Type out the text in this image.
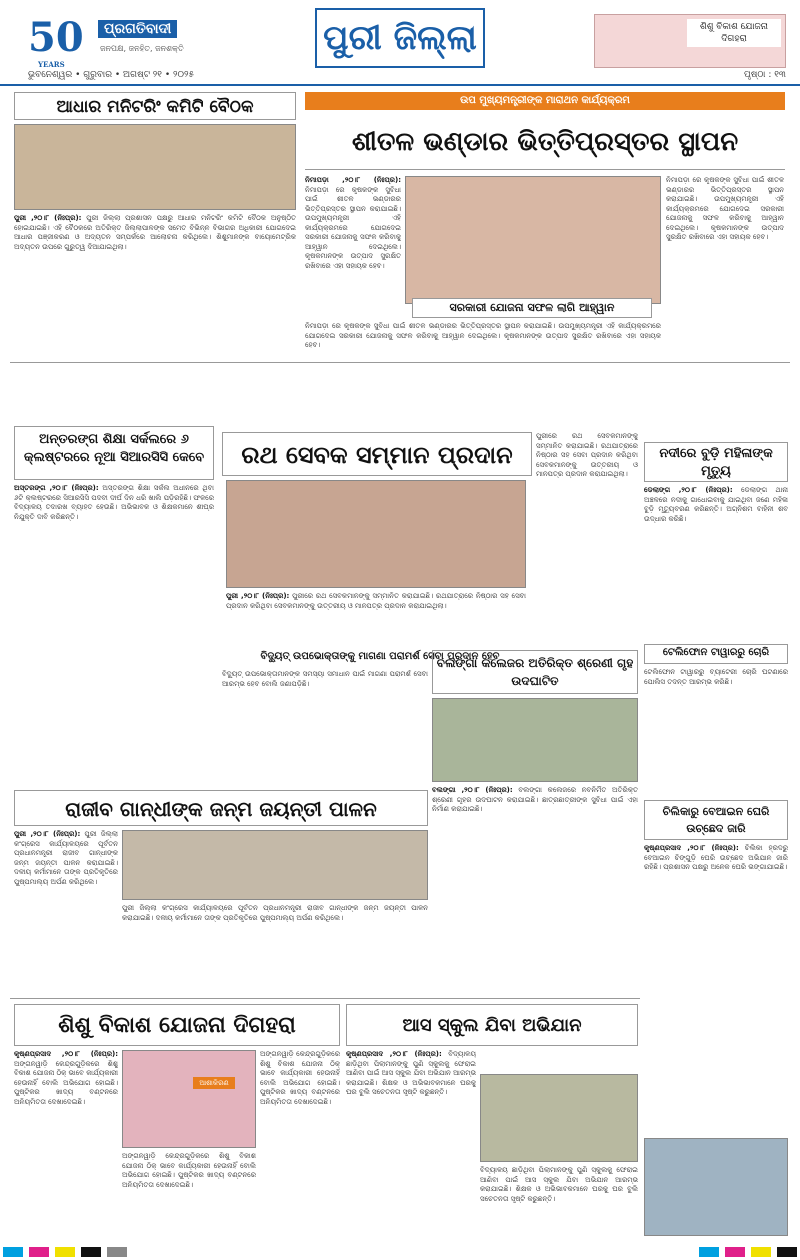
50
YEARS
ପ୍ରଗତିବାଦୀ
ଜନପକ୍ଷ, ଜନହିତ, ଜନଶକ୍ତି
ଭୁବନେଶ୍ୱର • ଗୁରୁବାର • ଅଗଷ୍ଟ ୨୧ • ୨୦୨୫
ପୁରୀ ଜିଲ୍ଲା	ଶିଶୁ ବିକାଶ ଯୋଜନା ଦିଗହରା
ପୃଷ୍ଠା : ୧୩
ଆଧାର ମନିଟରିଂ କମିଟି ବୈଠକ
ପୁରୀ ,୨୦।୮ (ନିଃପ୍ର): ପୁରୀ ଜିଲ୍ଲା ପ୍ରଶାସନ ପକ୍ଷରୁ ଆଧାର ମନିଟରିଂ କମିଟି ବୈଠକ ଅନୁଷ୍ଠିତ ହୋଇଯାଇଛି। ଏହି ବୈଠକରେ ଅତିରିକ୍ତ ଜିଲ୍ଲାପାଳଙ୍କ ସମେତ ବିଭିନ୍ନ ବିଭାଗର ଅଧିକାରୀ ଯୋଗଦେଇ ଆଧାର ପଞ୍ଜୀକରଣ ଓ ଅଦ୍ୟତନ ସମ୍ପର୍କରେ ଆଲୋଚନା କରିଥିଲେ। ଶିଶୁମାନଙ୍କ ବାୟୋମେଟ୍ରିକ ଅଦ୍ୟତନ ଉପରେ ଗୁରୁତ୍ୱ ଦିଆଯାଇଥିଲା।
ଉପ ମୁଖ୍ୟମନ୍ତ୍ରୀଙ୍କ ମାରାଥନ କାର୍ଯ୍ୟକ୍ରମ
ଶୀତଳ ଭଣ୍ଡାର ଭିତ୍ତିପ୍ରସ୍ତର ସ୍ଥାପନ
ନିମାପଡ଼ା ,୨୦।୮ (ନିଃପ୍ର): ନିମାପଡ଼ା ରେ କୃଷକଙ୍କ ସୁବିଧା ପାଇଁ ଶୀତଳ ଭଣ୍ଡାରର ଭିତ୍ତିପ୍ରସ୍ତର ସ୍ଥାପନ କରାଯାଇଛି। ଉପମୁଖ୍ୟମନ୍ତ୍ରୀ ଏହି କାର୍ଯ୍ୟକ୍ରମରେ ଯୋଗଦେଇ ସରକାରୀ ଯୋଜନାକୁ ସଫଳ କରିବାକୁ ଆହ୍ୱାନ ଦେଇଥିଲେ। କୃଷକମାନଙ୍କ ଉତ୍ପାଦ ସୁରକ୍ଷିତ ରଖିବାରେ ଏହା ସହାୟକ ହେବ।
ସରକାରୀ ଯୋଜନା ସଫଳ ଲାଗି ଆହ୍ୱାନ
ନିମାପଡ଼ା ରେ କୃଷକଙ୍କ ସୁବିଧା ପାଇଁ ଶୀତଳ ଭଣ୍ଡାରର ଭିତ୍ତିପ୍ରସ୍ତର ସ୍ଥାପନ କରାଯାଇଛି। ଉପମୁଖ୍ୟମନ୍ତ୍ରୀ ଏହି କାର୍ଯ୍ୟକ୍ରମରେ ଯୋଗଦେଇ ସରକାରୀ ଯୋଜନାକୁ ସଫଳ କରିବାକୁ ଆହ୍ୱାନ ଦେଇଥିଲେ। କୃଷକମାନଙ୍କ ଉତ୍ପାଦ ସୁରକ୍ଷିତ ରଖିବାରେ ଏହା ସହାୟକ ହେବ।
ନିମାପଡ଼ା ରେ କୃଷକଙ୍କ ସୁବିଧା ପାଇଁ ଶୀତଳ ଭଣ୍ଡାରର ଭିତ୍ତିପ୍ରସ୍ତର ସ୍ଥାପନ କରାଯାଇଛି। ଉପମୁଖ୍ୟମନ୍ତ୍ରୀ ଏହି କାର୍ଯ୍ୟକ୍ରମରେ ଯୋଗଦେଇ ସରକାରୀ ଯୋଜନାକୁ ସଫଳ କରିବାକୁ ଆହ୍ୱାନ ଦେଇଥିଲେ। କୃଷକମାନଙ୍କ ଉତ୍ପାଦ ସୁରକ୍ଷିତ ରଖିବାରେ ଏହା ସହାୟକ ହେବ।
ଅନ୍ତରଙ୍ଗ ଶିକ୍ଷା ସର୍କଲରେ ୬ କ୍ଲଷ୍ଟରରେ ନୂଆ ସିଆରସିସି କେବେ
ଅସ୍ତରଙ୍ଗ ,୨୦।୮ (ନିଃପ୍ର): ଅସ୍ତରଙ୍ଗ ଶିକ୍ଷା ସର୍କଲ ଅଧୀନରେ ଥିବା ୬ଟି କ୍ଲଷ୍ଟରରେ ସିଆରସିସି ପଦବୀ ଦୀର୍ଘ ଦିନ ଧରି ଖାଲି ପଡ଼ିରହିଛି। ଫଳରେ ବିଦ୍ୟାଳୟ ତଦାରଖ ବ୍ୟାହତ ହେଉଛି। ଅଭିଭାବକ ଓ ଶିକ୍ଷକମାନେ ଶୀଘ୍ର ନିଯୁକ୍ତି ଦାବି କରିଛନ୍ତି।
ରଥ ସେବକ ସମ୍ମାନ ପ୍ରଦାନ
ପୁରୀ ,୨୦।୮ (ନିଃପ୍ର): ପୁରୀରେ ରଥ ସେବକମାନଙ୍କୁ ସମ୍ମାନିତ କରାଯାଇଛି। ରଥଯାତ୍ରାରେ ନିଷ୍ଠାର ସହ ସେବା ପ୍ରଦାନ କରିଥିବା ସେବକମାନଙ୍କୁ ଉତ୍ତରୀୟ ଓ ମାନପତ୍ର ପ୍ରଦାନ କରାଯାଇଥିଲା।
ପୁରୀରେ ରଥ ସେବକମାନଙ୍କୁ ସମ୍ମାନିତ କରାଯାଇଛି। ରଥଯାତ୍ରାରେ ନିଷ୍ଠାର ସହ ସେବା ପ୍ରଦାନ କରିଥିବା ସେବକମାନଙ୍କୁ ଉତ୍ତରୀୟ ଓ ମାନପତ୍ର ପ୍ରଦାନ କରାଯାଇଥିଲା।
ନଦୀରେ ବୁଡ଼ି ମହିଳାଙ୍କ ମୃତ୍ୟୁ
ଡେଲାଙ୍ଗ ,୨୦।୮ (ନିଃପ୍ର): ଡେଲାଙ୍ଗ ଥାନା ଅଞ୍ଚଳରେ ନଦୀକୁ ଗାଧୋଇବାକୁ ଯାଇଥିବା ଜଣେ ମହିଳା ବୁଡ଼ି ମୃତ୍ୟୁବରଣ କରିଛନ୍ତି। ଅଗ୍ନିଶମ ବାହିନୀ ଶବ ଉଦ୍ଧାର କରିଛି।
ଟେଲିଫୋନ ଟାୱାରରୁ ଚୋରି
ଟେଲିଫୋନ ଟାୱାରରୁ ବ୍ୟାଟେରୀ ଚୋରି ଘଟଣାରେ ପୋଲିସ ତଦନ୍ତ ଆରମ୍ଭ କରିଛି।
ବିଦ୍ୟୁତ୍ ଉପଭୋକ୍ତାଙ୍କୁ ମାଗଣା ପରାମର୍ଶ ସେବା ପ୍ରଦାନ ହେବ
ବିଦ୍ୟୁତ୍ ଉପଭୋକ୍ତାମାନଙ୍କ ସମସ୍ୟା ସମାଧାନ ପାଇଁ ମାଗଣା ପରାମର୍ଶ ସେବା ଆରମ୍ଭ ହେବ ବୋଲି ଜଣାପଡ଼ିଛି।
ବଲଙ୍ଗା କଲେଜର ଅତିରିକ୍ତ ଶ୍ରେଣୀ ଗୃହ ଉଦଘାଟିତ
ବଲଙ୍ଗା ,୨୦।୮ (ନିଃପ୍ର): ବଲଙ୍ଗା କଲେଜରେ ନବନିର୍ମିତ ଅତିରିକ୍ତ ଶ୍ରେଣୀ ଗୃହର ଉଦଘାଟନ କରାଯାଇଛି। ଛାତ୍ରଛାତ୍ରୀଙ୍କ ସୁବିଧା ପାଇଁ ଏହା ନିର୍ମାଣ କରାଯାଇଛି।	ଚିଲିକାରୁ ବେଆଇନ ଘେରି ଉଚ୍ଛେଦ ଜାରି
କୃଷ୍ଣପ୍ରସାଦ ,୨୦।୮ (ନିଃପ୍ର): ଚିଲିକା ହ୍ରଦରୁ ବେଆଇନ ଚିଙ୍ଗୁଡ଼ି ଘେରି ଉଚ୍ଛେଦ ଅଭିଯାନ ଜାରି ରହିଛି। ପ୍ରଶାସନ ପକ୍ଷରୁ ଅନେକ ଘେରି ଭଙ୍ଗାଯାଇଛି।
ରାଜୀବ ଗାନ୍ଧୀଙ୍କ ଜନ୍ମ ଜୟନ୍ତୀ ପାଳନ
ପୁରୀ ,୨୦।୮ (ନିଃପ୍ର): ପୁରୀ ଜିଲ୍ଲା କଂଗ୍ରେସ କାର୍ଯ୍ୟାଳୟରେ ପୂର୍ବତନ ପ୍ରଧାନମନ୍ତ୍ରୀ ରାଜୀବ ଗାନ୍ଧୀଙ୍କ ଜନ୍ମ ଜୟନ୍ତୀ ପାଳନ କରାଯାଇଛି। ଦଳୀୟ କର୍ମୀମାନେ ତାଙ୍କ ପ୍ରତିକୃତିରେ ପୁଷ୍ପମାଲ୍ୟ ଅର୍ପଣ କରିଥିଲେ।
ପୁରୀ ଜିଲ୍ଲା କଂଗ୍ରେସ କାର୍ଯ୍ୟାଳୟରେ ପୂର୍ବତନ ପ୍ରଧାନମନ୍ତ୍ରୀ ରାଜୀବ ଗାନ୍ଧୀଙ୍କ ଜନ୍ମ ଜୟନ୍ତୀ ପାଳନ କରାଯାଇଛି। ଦଳୀୟ କର୍ମୀମାନେ ତାଙ୍କ ପ୍ରତିକୃତିରେ ପୁଷ୍ପମାଲ୍ୟ ଅର୍ପଣ କରିଥିଲେ।
ଶିଶୁ ବିକାଶ ଯୋଜନା ଦିଗହରା
କୃଷ୍ଣପ୍ରସାଦ ,୨୦।୮ (ନିଃପ୍ର): ଅଙ୍ଗନୱାଡ଼ି କେନ୍ଦ୍ରଗୁଡ଼ିକରେ ଶିଶୁ ବିକାଶ ଯୋଜନା ଠିକ୍ ଭାବେ କାର୍ଯ୍ୟକାରୀ ହେଉନାହିଁ ବୋଲି ଅଭିଯୋଗ ହୋଇଛି। ପୁଷ୍ଟିକର ଖାଦ୍ୟ ବଣ୍ଟନରେ ଅନିୟମିତତା ଦେଖାଦେଇଛି।
ଆଶାକିରଣ
ଅଙ୍ଗନୱାଡ଼ି କେନ୍ଦ୍ରଗୁଡ଼ିକରେ ଶିଶୁ ବିକାଶ ଯୋଜନା ଠିକ୍ ଭାବେ କାର୍ଯ୍ୟକାରୀ ହେଉନାହିଁ ବୋଲି ଅଭିଯୋଗ ହୋଇଛି। ପୁଷ୍ଟିକର ଖାଦ୍ୟ ବଣ୍ଟନରେ ଅନିୟମିତତା ଦେଖାଦେଇଛି।
ଅଙ୍ଗନୱାଡ଼ି କେନ୍ଦ୍ରଗୁଡ଼ିକରେ ଶିଶୁ ବିକାଶ ଯୋଜନା ଠିକ୍ ଭାବେ କାର୍ଯ୍ୟକାରୀ ହେଉନାହିଁ ବୋଲି ଅଭିଯୋଗ ହୋଇଛି। ପୁଷ୍ଟିକର ଖାଦ୍ୟ ବଣ୍ଟନରେ ଅନିୟମିତତା ଦେଖାଦେଇଛି।
ଆସ ସ୍କୁଲ ଯିବା ଅଭିଯାନ
କୃଷ୍ଣପ୍ରସାଦ ,୨୦।୮ (ନିଃପ୍ର): ବିଦ୍ୟାଳୟ ଛାଡ଼ିଥିବା ପିଲାମାନଙ୍କୁ ପୁଣି ସ୍କୁଲକୁ ଫେରାଇ ଆଣିବା ପାଇଁ ଆସ ସ୍କୁଲ ଯିବା ଅଭିଯାନ ଆରମ୍ଭ କରାଯାଇଛି। ଶିକ୍ଷକ ଓ ଅଭିଭାବକମାନେ ଘରକୁ ଘର ବୁଲି ସଚେତନତା ସୃଷ୍ଟି କରୁଛନ୍ତି।
ବିଦ୍ୟାଳୟ ଛାଡ଼ିଥିବା ପିଲାମାନଙ୍କୁ ପୁଣି ସ୍କୁଲକୁ ଫେରାଇ ଆଣିବା ପାଇଁ ଆସ ସ୍କୁଲ ଯିବା ଅଭିଯାନ ଆରମ୍ଭ କରାଯାଇଛି। ଶିକ୍ଷକ ଓ ଅଭିଭାବକମାନେ ଘରକୁ ଘର ବୁଲି ସଚେତନତା ସୃଷ୍ଟି କରୁଛନ୍ତି।
